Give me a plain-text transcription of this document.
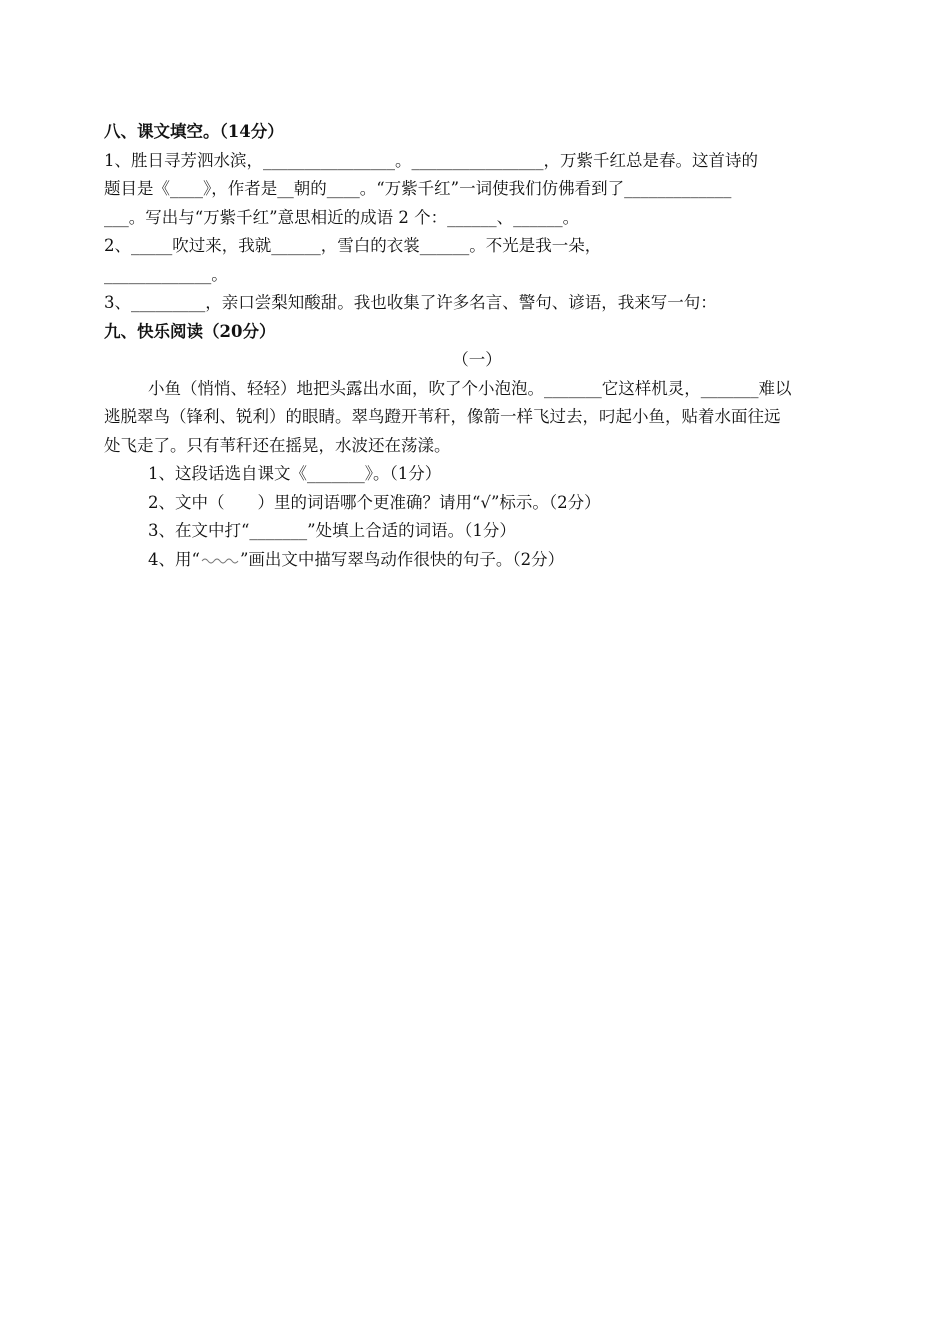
八、课文填空。（14分）
1、胜日寻芳泗水滨，________________。________________，万紫千红总是春。这首诗的
题目是《____》，作者是__朝的____。“万紫千红”一词使我们仿佛看到了_____________
___。写出与“万紫千红”意思相近的成语 2 个：______、______。
2、_____吹过来，我就______，雪白的衣裳______。不光是我一朵，
_____________。
3、_________，亲口尝梨知酸甜。我也收集了许多名言、警句、谚语，我来写一句：
九、快乐阅读（20分）
（一）
小鱼（悄悄、轻轻）地把头露出水面，吹了个小泡泡。_______它这样机灵，_______难以
逃脱翠鸟（锋利、锐利）的眼睛。翠鸟蹬开苇秆，像箭一样飞过去，叼起小鱼，贴着水面往远
处飞走了。只有苇秆还在摇晃，水波还在荡漾。
1、这段话选自课文《_______》。（1分）
2、文中（　　）里的词语哪个更准确？请用“√”标示。（2分）
3、在文中打“_______”处填上合适的词语。（1分）
4、用“ ”画出文中描写翠鸟动作很快的句子。（2分）
